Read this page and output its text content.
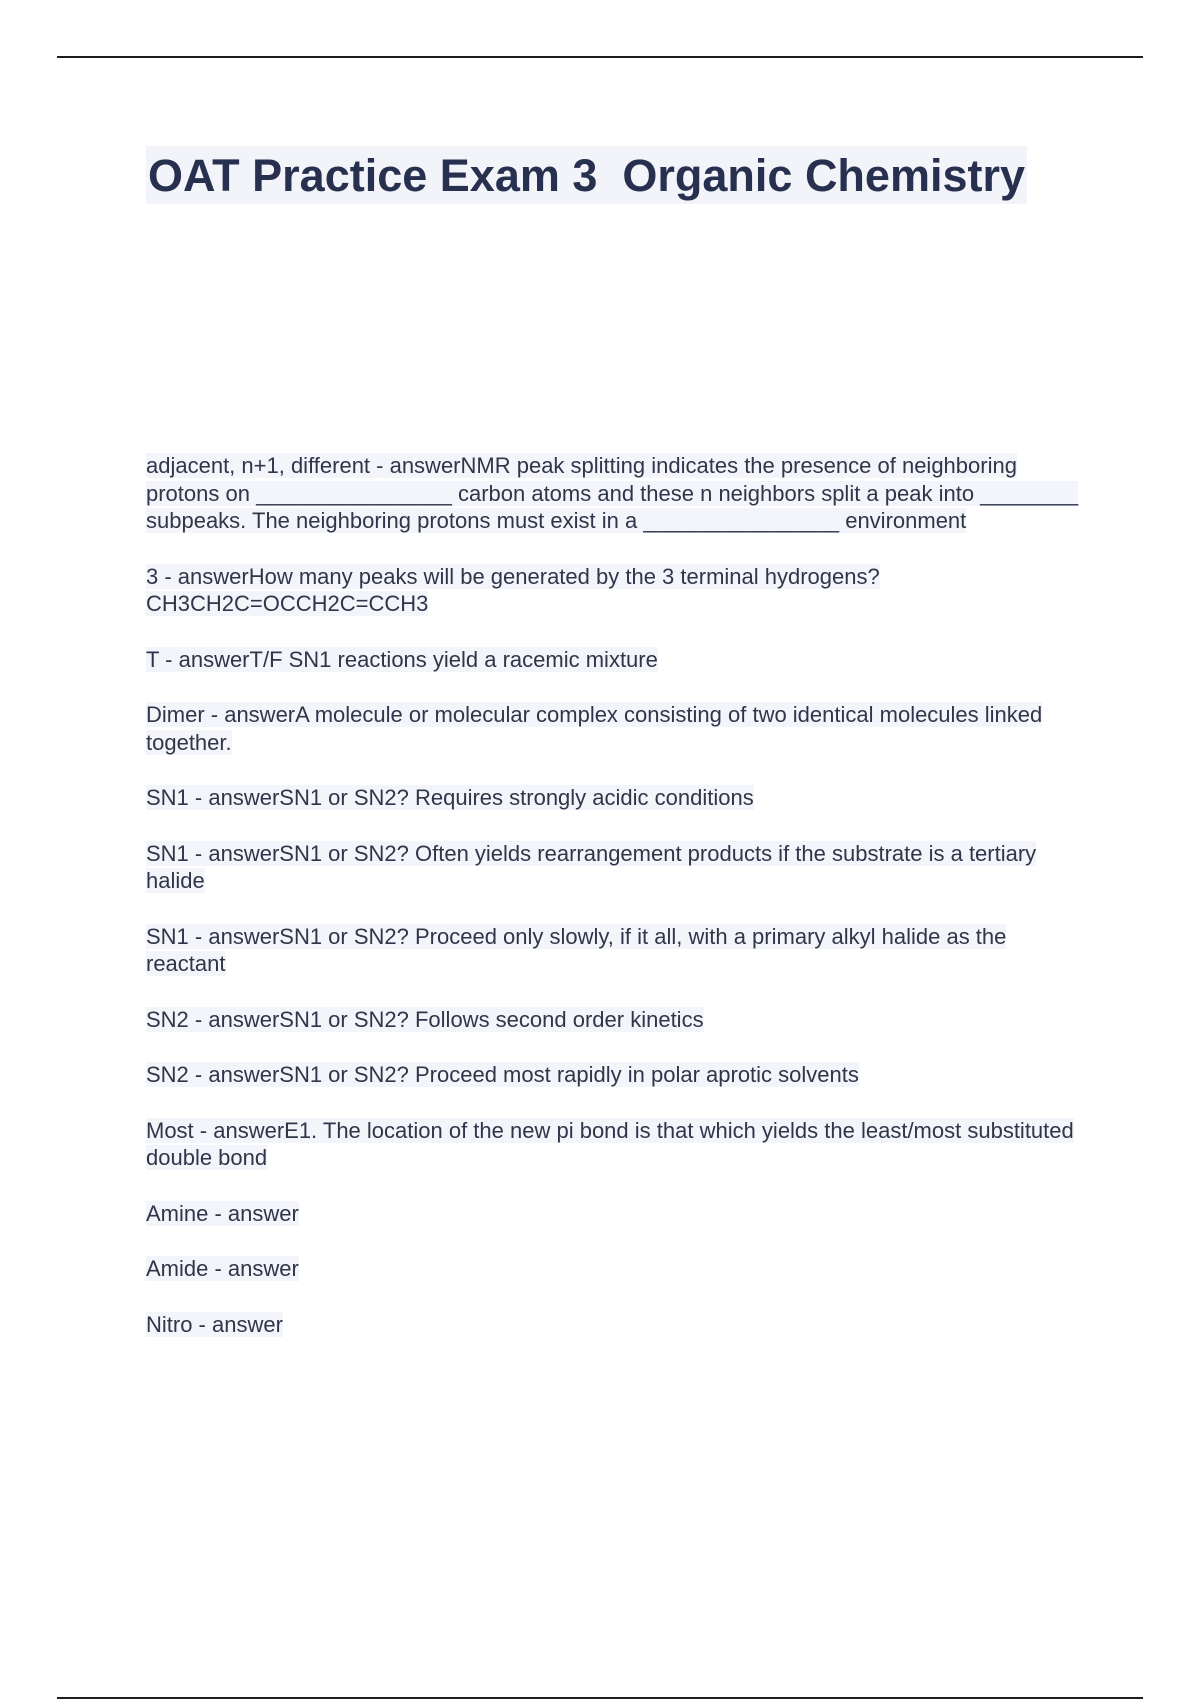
OAT Practice Exam 3  Organic Chemistry
adjacent, n+1, different - answerNMR peak splitting indicates the presence of neighboring protons on ________________ carbon atoms and these n neighbors split a peak into ________ subpeaks. The neighboring protons must exist in a ________________ environment
3 - answerHow many peaks will be generated by the 3 terminal hydrogens? CH3CH2C=OCCH2C=CCH3
T - answerT/F SN1 reactions yield a racemic mixture
Dimer - answerA molecule or molecular complex consisting of two identical molecules linked together.
SN1 - answerSN1 or SN2? Requires strongly acidic conditions
SN1 - answerSN1 or SN2? Often yields rearrangement products if the substrate is a tertiary halide
SN1 - answerSN1 or SN2? Proceed only slowly, if it all, with a primary alkyl halide as the reactant
SN2 - answerSN1 or SN2? Follows second order kinetics
SN2 - answerSN1 or SN2? Proceed most rapidly in polar aprotic solvents
Most - answerE1. The location of the new pi bond is that which yields the least/most substituted double bond
Amine - answer
Amide - answer
Nitro - answer
